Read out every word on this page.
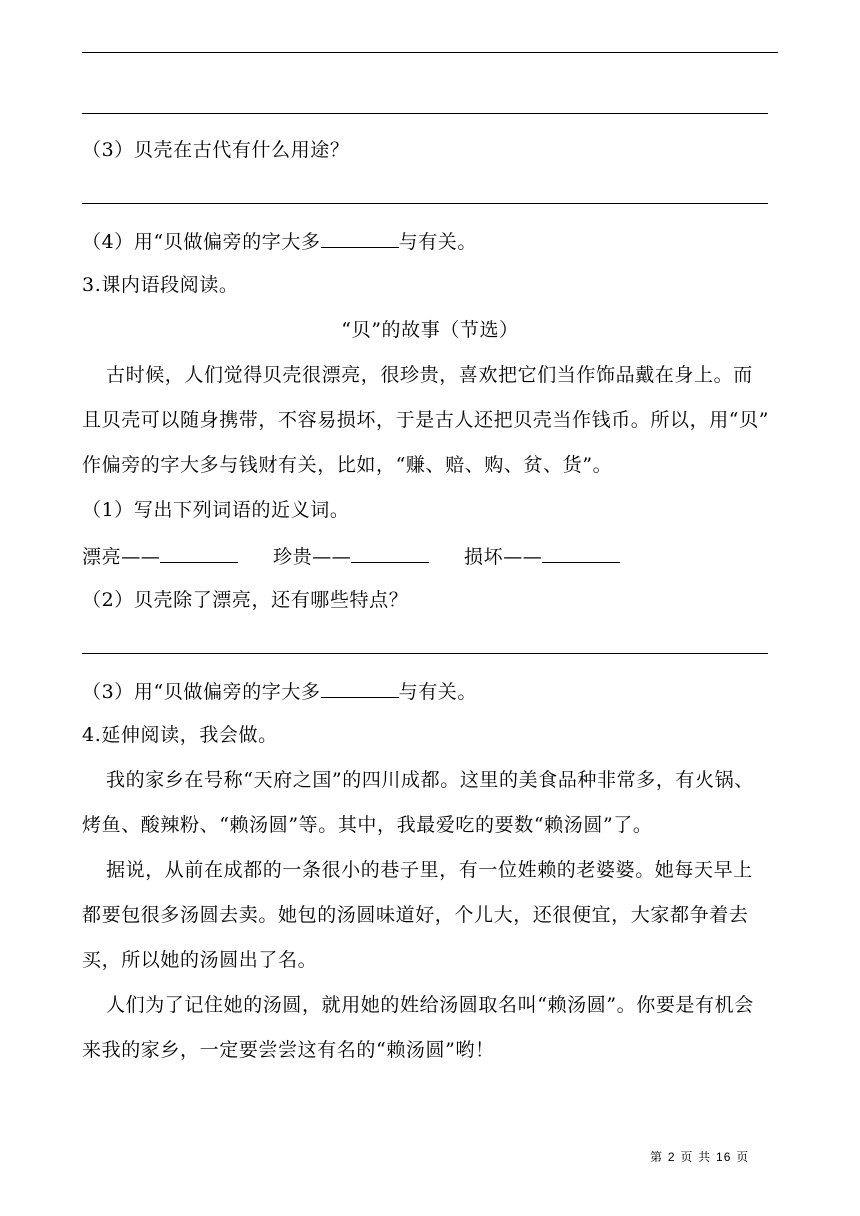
（3）贝壳在古代有什么用途？
（4）用“贝做偏旁的字大多	与有关。
3.课内语段阅读。
“贝”的故事（节选）
古时候，人们觉得贝壳很漂亮，很珍贵，喜欢把它们当作饰品戴在身上。而
且贝壳可以随身携带，不容易损坏，于是古人还把贝壳当作钱币。所以，用“贝”
作偏旁的字大多与钱财有关，比如，“赚、赔、购、贫、货”。
（1）写出下列词语的近义词。
漂亮——	珍贵——	损坏——
（2）贝壳除了漂亮，还有哪些特点？
（3）用“贝做偏旁的字大多	与有关。
4.延伸阅读，我会做。
我的家乡在号称“天府之国”的四川成都。这里的美食品种非常多，有火锅、
烤鱼、酸辣粉、“赖汤圆”等。其中，我最爱吃的要数“赖汤圆”了。
据说，从前在成都的一条很小的巷子里，有一位姓赖的老婆婆。她每天早上
都要包很多汤圆去卖。她包的汤圆味道好，个儿大，还很便宜，大家都争着去
买，所以她的汤圆出了名。
人们为了记住她的汤圆，就用她的姓给汤圆取名叫“赖汤圆”。你要是有机会
来我的家乡，一定要尝尝这有名的“赖汤圆”哟！
第 2 页 共 16 页
